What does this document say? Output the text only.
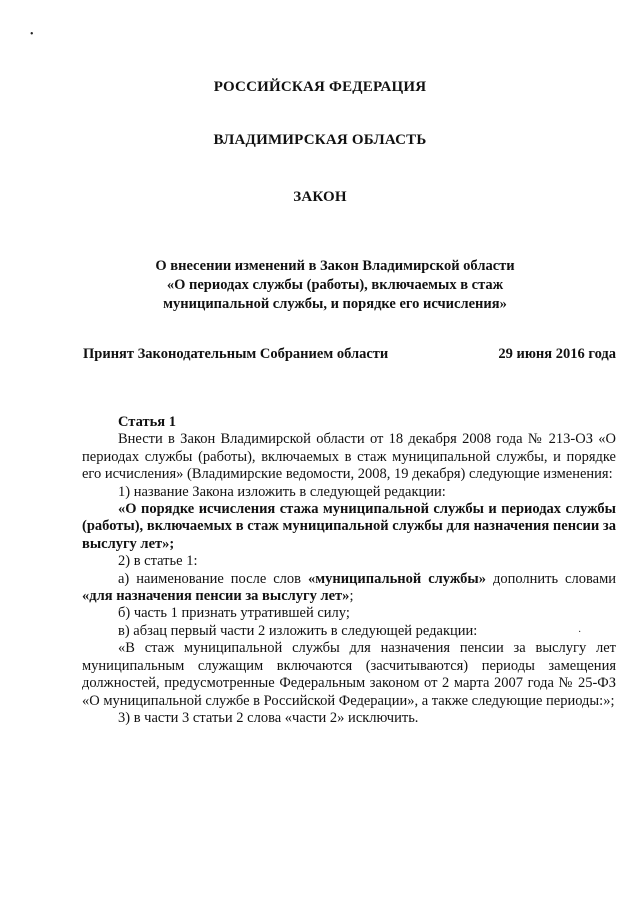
•
·
РОССИЙСКАЯ ФЕДЕРАЦИЯ
ВЛАДИМИРСКАЯ ОБЛАСТЬ
ЗАКОН
О внесении изменений в Закон Владимирской области
«О периодах службы (работы), включаемых в стаж
муниципальной службы, и порядке его исчисления»
Принят Законодательным Собранием области	29 июня 2016 года

Статья 1

Внести в Закон Владимирской области от 18 декабря 2008 года № 213-ОЗ «О периодах службы (работы), включаемых в стаж муниципальной службы, и порядке его исчисления» (Владимирские ведомости, 2008, 19 декабря) следующие изменения:

1) название Закона изложить в следующей редакции:

«О порядке исчисления стажа муниципальной службы и периодах службы (работы), включаемых в стаж муниципальной службы для назначения пенсии за выслугу лет»;

2) в статье 1:

а) наименование после слов «муниципальной службы» дополнить словами «для назначения пенсии за выслугу лет»;

б) часть 1 признать утратившей силу;

в) абзац первый части 2 изложить в следующей редакции:

«В стаж муниципальной службы для назначения пенсии за выслугу лет муниципальным служащим включаются (засчитываются) периоды замещения должностей, предусмотренные Федеральным законом от 2 марта 2007 года № 25-ФЗ «О муниципальной службе в Российской Федерации», а также следующие периоды:»;

3) в части 3 статьи 2 слова «части 2» исключить.
